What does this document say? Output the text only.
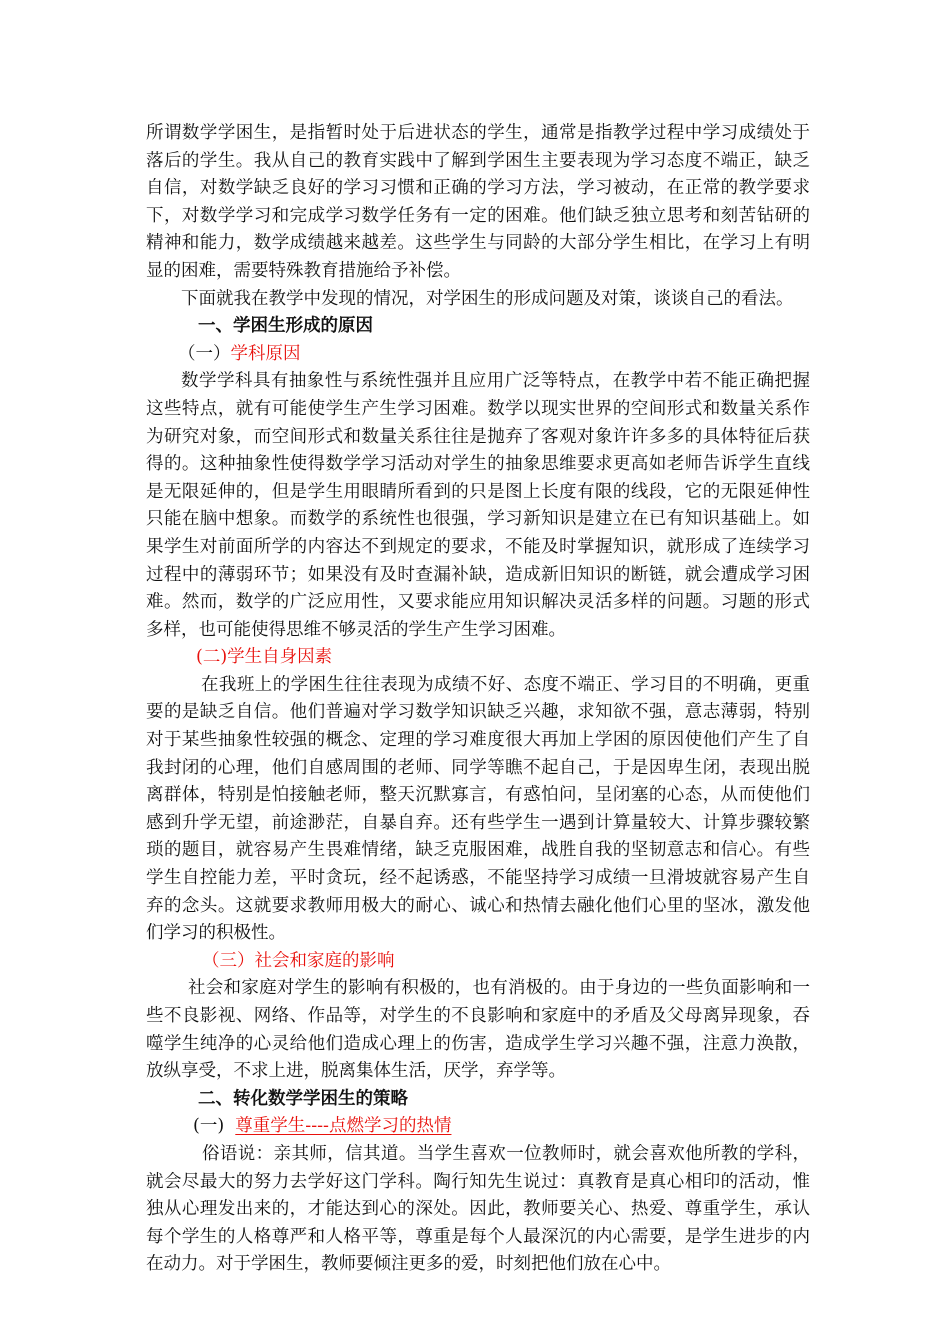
所谓数学学困生，是指暂时处于后进状态的学生，通常是指教学过程中学习成绩处于落后的学生。我从自己的教育实践中了解到学困生主要表现为学习态度不端正，缺乏自信，对数学缺乏良好的学习习惯和正确的学习方法，学习被动，在正常的教学要求下，对数学学习和完成学习数学任务有一定的困难。他们缺乏独立思考和刻苦钻研的精神和能力，数学成绩越来越差。这些学生与同龄的大部分学生相比，在学习上有明显的困难，需要特殊教育措施给予补偿。

下面就我在教学中发现的情况，对学困生的形成问题及对策，谈谈自己的看法。

一、学困生形成的原因

（一）学科原因

数学学科具有抽象性与系统性强并且应用广泛等特点，在教学中若不能正确把握这些特点，就有可能使学生产生学习困难。数学以现实世界的空间形式和数量关系作为研究对象，而空间形式和数量关系往往是抛弃了客观对象许许多多的具体特征后获得的。这种抽象性使得数学学习活动对学生的抽象思维要求更高如老师告诉学生直线是无限延伸的，但是学生用眼睛所看到的只是图上长度有限的线段，它的无限延伸性只能在脑中想象。而数学的系统性也很强，学习新知识是建立在已有知识基础上。如果学生对前面所学的内容达不到规定的要求，不能及时掌握知识，就形成了连续学习过程中的薄弱环节；如果没有及时查漏补缺，造成新旧知识的断链，就会遭成学习困难。然而，数学的广泛应用性，又要求能应用知识解决灵活多样的问题。习题的形式多样，也可能使得思维不够灵活的学生产生学习困难。

(二)学生自身因素

在我班上的学困生往往表现为成绩不好、态度不端正、学习目的不明确，更重要的是缺乏自信。他们普遍对学习数学知识缺乏兴趣，求知欲不强，意志薄弱，特别对于某些抽象性较强的概念、定理的学习难度很大再加上学困的原因使他们产生了自我封闭的心理，他们自感周围的老师、同学等瞧不起自己，于是因卑生闭，表现出脱离群体，特别是怕接触老师，整天沉默寡言，有惑怕问，呈闭塞的心态，从而使他们感到升学无望，前途渺茫，自暴自弃。还有些学生一遇到计算量较大、计算步骤较繁琐的题目，就容易产生畏难情绪，缺乏克服困难，战胜自我的坚韧意志和信心。有些学生自控能力差，平时贪玩，经不起诱惑，不能坚持学习成绩一旦滑坡就容易产生自弃的念头。这就要求教师用极大的耐心、诚心和热情去融化他们心里的坚冰，激发他们学习的积极性。

（三）社会和家庭的影响

社会和家庭对学生的影响有积极的，也有消极的。由于身边的一些负面影响和一些不良影视、网络、作品等，对学生的不良影响和家庭中的矛盾及父母离异现象，吞噬学生纯净的心灵给他们造成心理上的伤害，造成学生学习兴趣不强，注意力涣散，放纵享受，不求上进，脱离集体生活，厌学，弃学等。

二、转化数学学困生的策略

(一) 尊重学生----点燃学习的热情

俗语说：亲其师，信其道。当学生喜欢一位教师时，就会喜欢他所教的学科，就会尽最大的努力去学好这门学科。陶行知先生说过：真教育是真心相印的活动，惟独从心理发出来的，才能达到心的深处。因此，教师要关心、热爱、尊重学生，承认每个学生的人格尊严和人格平等，尊重是每个人最深沉的内心需要，是学生进步的内在动力。对于学困生，教师要倾注更多的爱，时刻把他们放在心中。
